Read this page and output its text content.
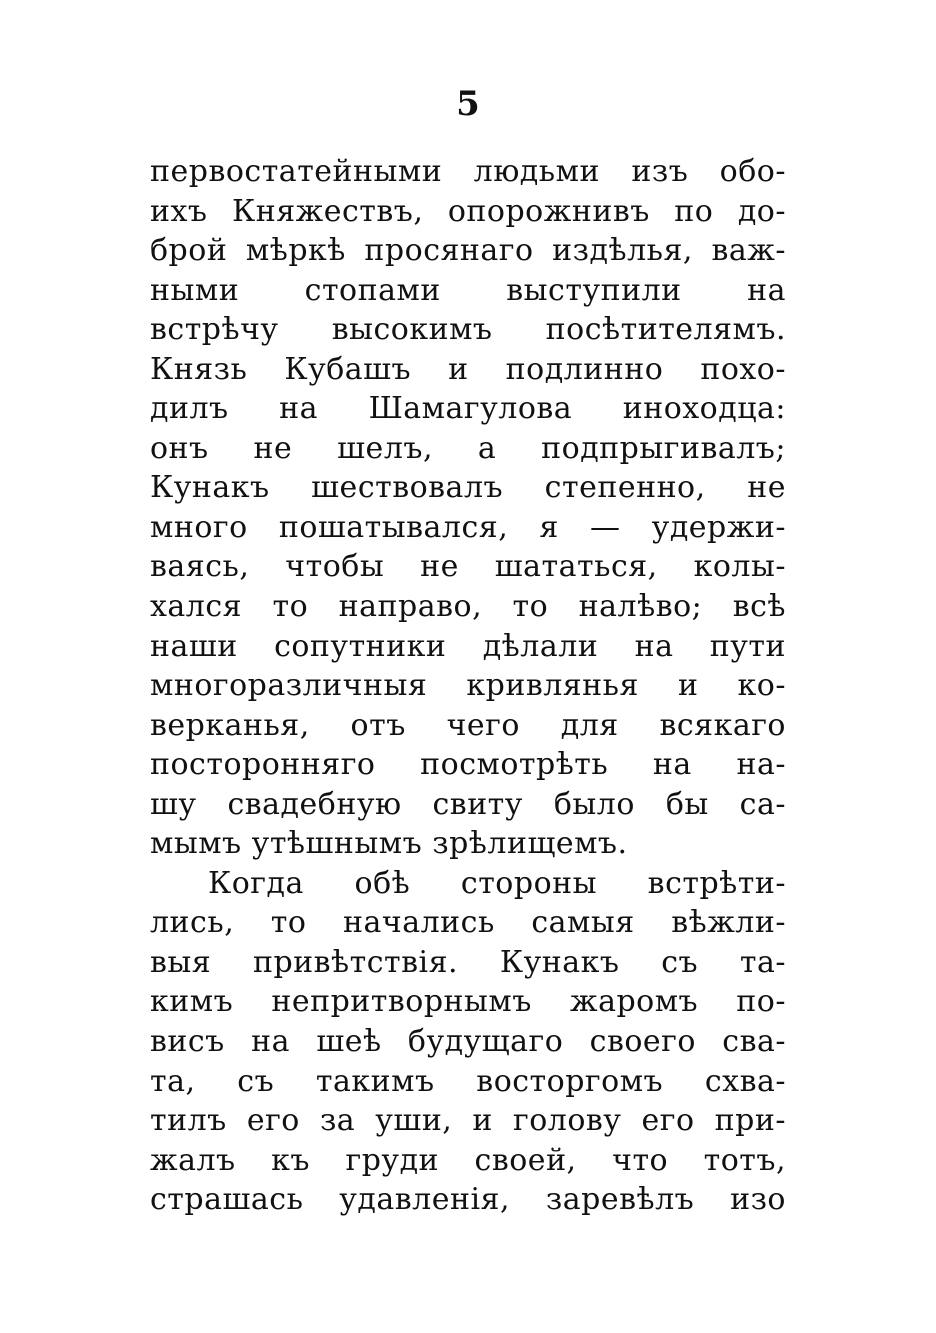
5
первостатейными людьми изъ обо-
ихъ Княжествъ, опорожнивъ по до-
брой мѣркѣ просянаго издѣлья, важ-
ными стопами выступили на
встрѣчу высокимъ посѣтителямъ.
Князь Кубашъ и подлинно похо-
дилъ на Шамагулова иноходца:
онъ не шелъ, а подпрыгивалъ;
Кунакъ шествовалъ степенно, не
много пошатывался, я — удержи-
ваясь, чтобы не шататься, колы-
хался то направо, то налѣво; всѣ
наши сопутники дѣлали на пути
многоразличныя кривлянья и ко-
верканья, отъ чего для всякаго
посторонняго посмотрѣть на на-
шу свадебную свиту было бы са-
мымъ утѣшнымъ зрѣлищемъ.
Когда обѣ стороны встрѣти-
лись, то начались самыя вѣжли-
выя привѣтствія. Кунакъ съ та-
кимъ непритворнымъ жаромъ по-
висъ на шеѣ будущаго своего сва-
та, съ такимъ восторгомъ схва-
тилъ его за уши, и голову его при-
жалъ къ груди своей, что тотъ,
страшась удавленія, заревѣлъ изо
